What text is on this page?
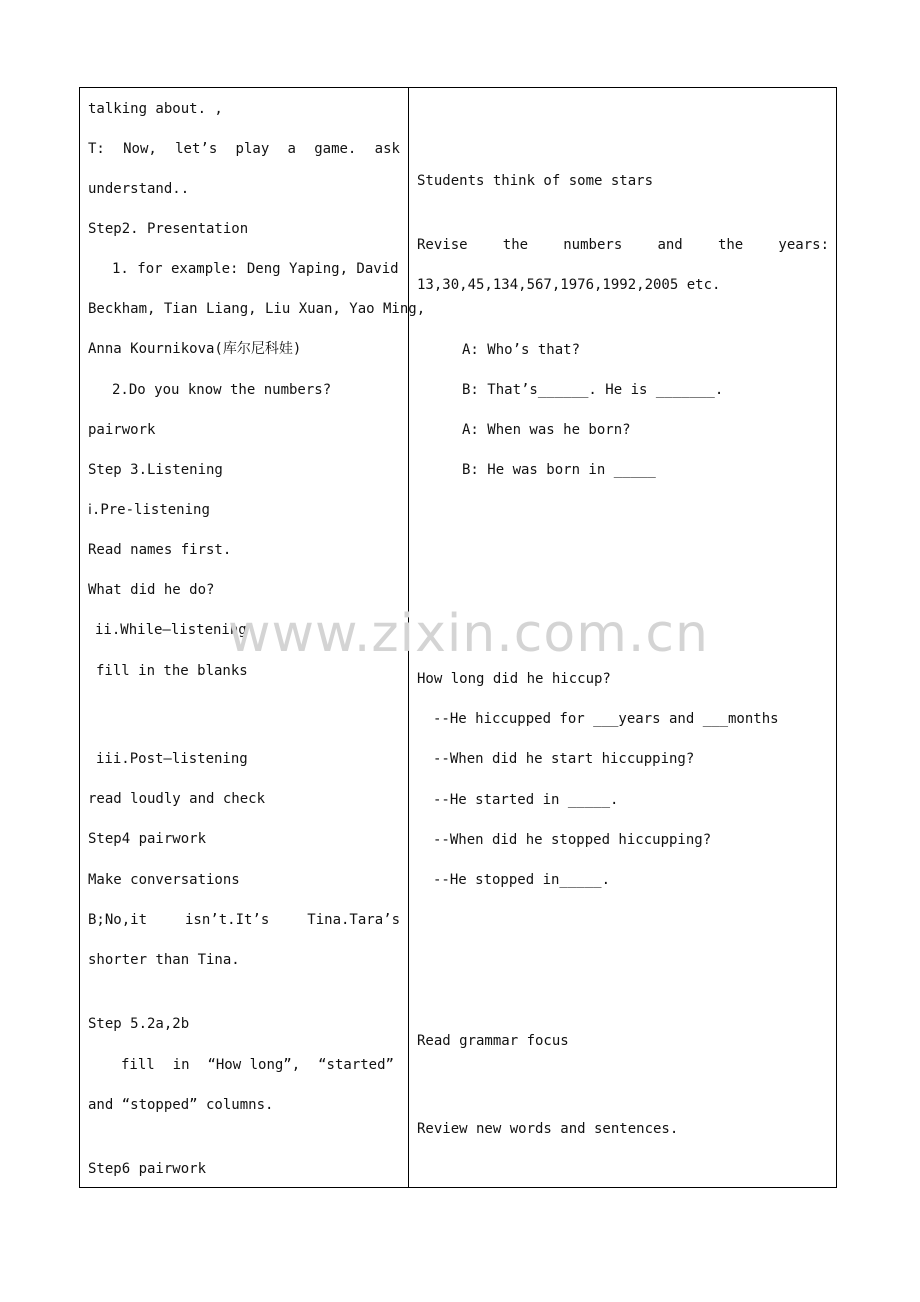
talking about. ,
T: Now, let’s play a game. ask
understand..
Step2. Presentation
1. for example: Deng Yaping, David
Beckham, Tian Liang, Liu Xuan, Yao Ming,
Anna Kournikova(库尔尼科娃)
2.Do you know the numbers?
pairwork
Step 3.Listening
ⅰ.Pre-listening
Read names first.
What did he do?
ii.While—listening
fill in the blanks
iii.Post—listening
read loudly and check
Step4 pairwork
Make conversations
B;No,it	isn’t.It’s	Tina.Tara’s
shorter than Tina.
Step 5.2a,2b
fill in “How long”, “started”
and “stopped” columns.
Step6 pairwork
Students think of some stars
Revise	the	numbers	and	the	years:
13,30,45,134,567,1976,1992,2005 etc.
A: Who’s that?
B: That’s______. He is _______.
A: When was he born?
B: He was born in _____
How long did he hiccup?
--He hiccupped for ___years and ___months
--When did he start hiccupping?
--He started in _____.
--When did he stopped hiccupping?
--He stopped in_____.
Read grammar focus
Review new words and sentences.
www.zixin.com.cn
